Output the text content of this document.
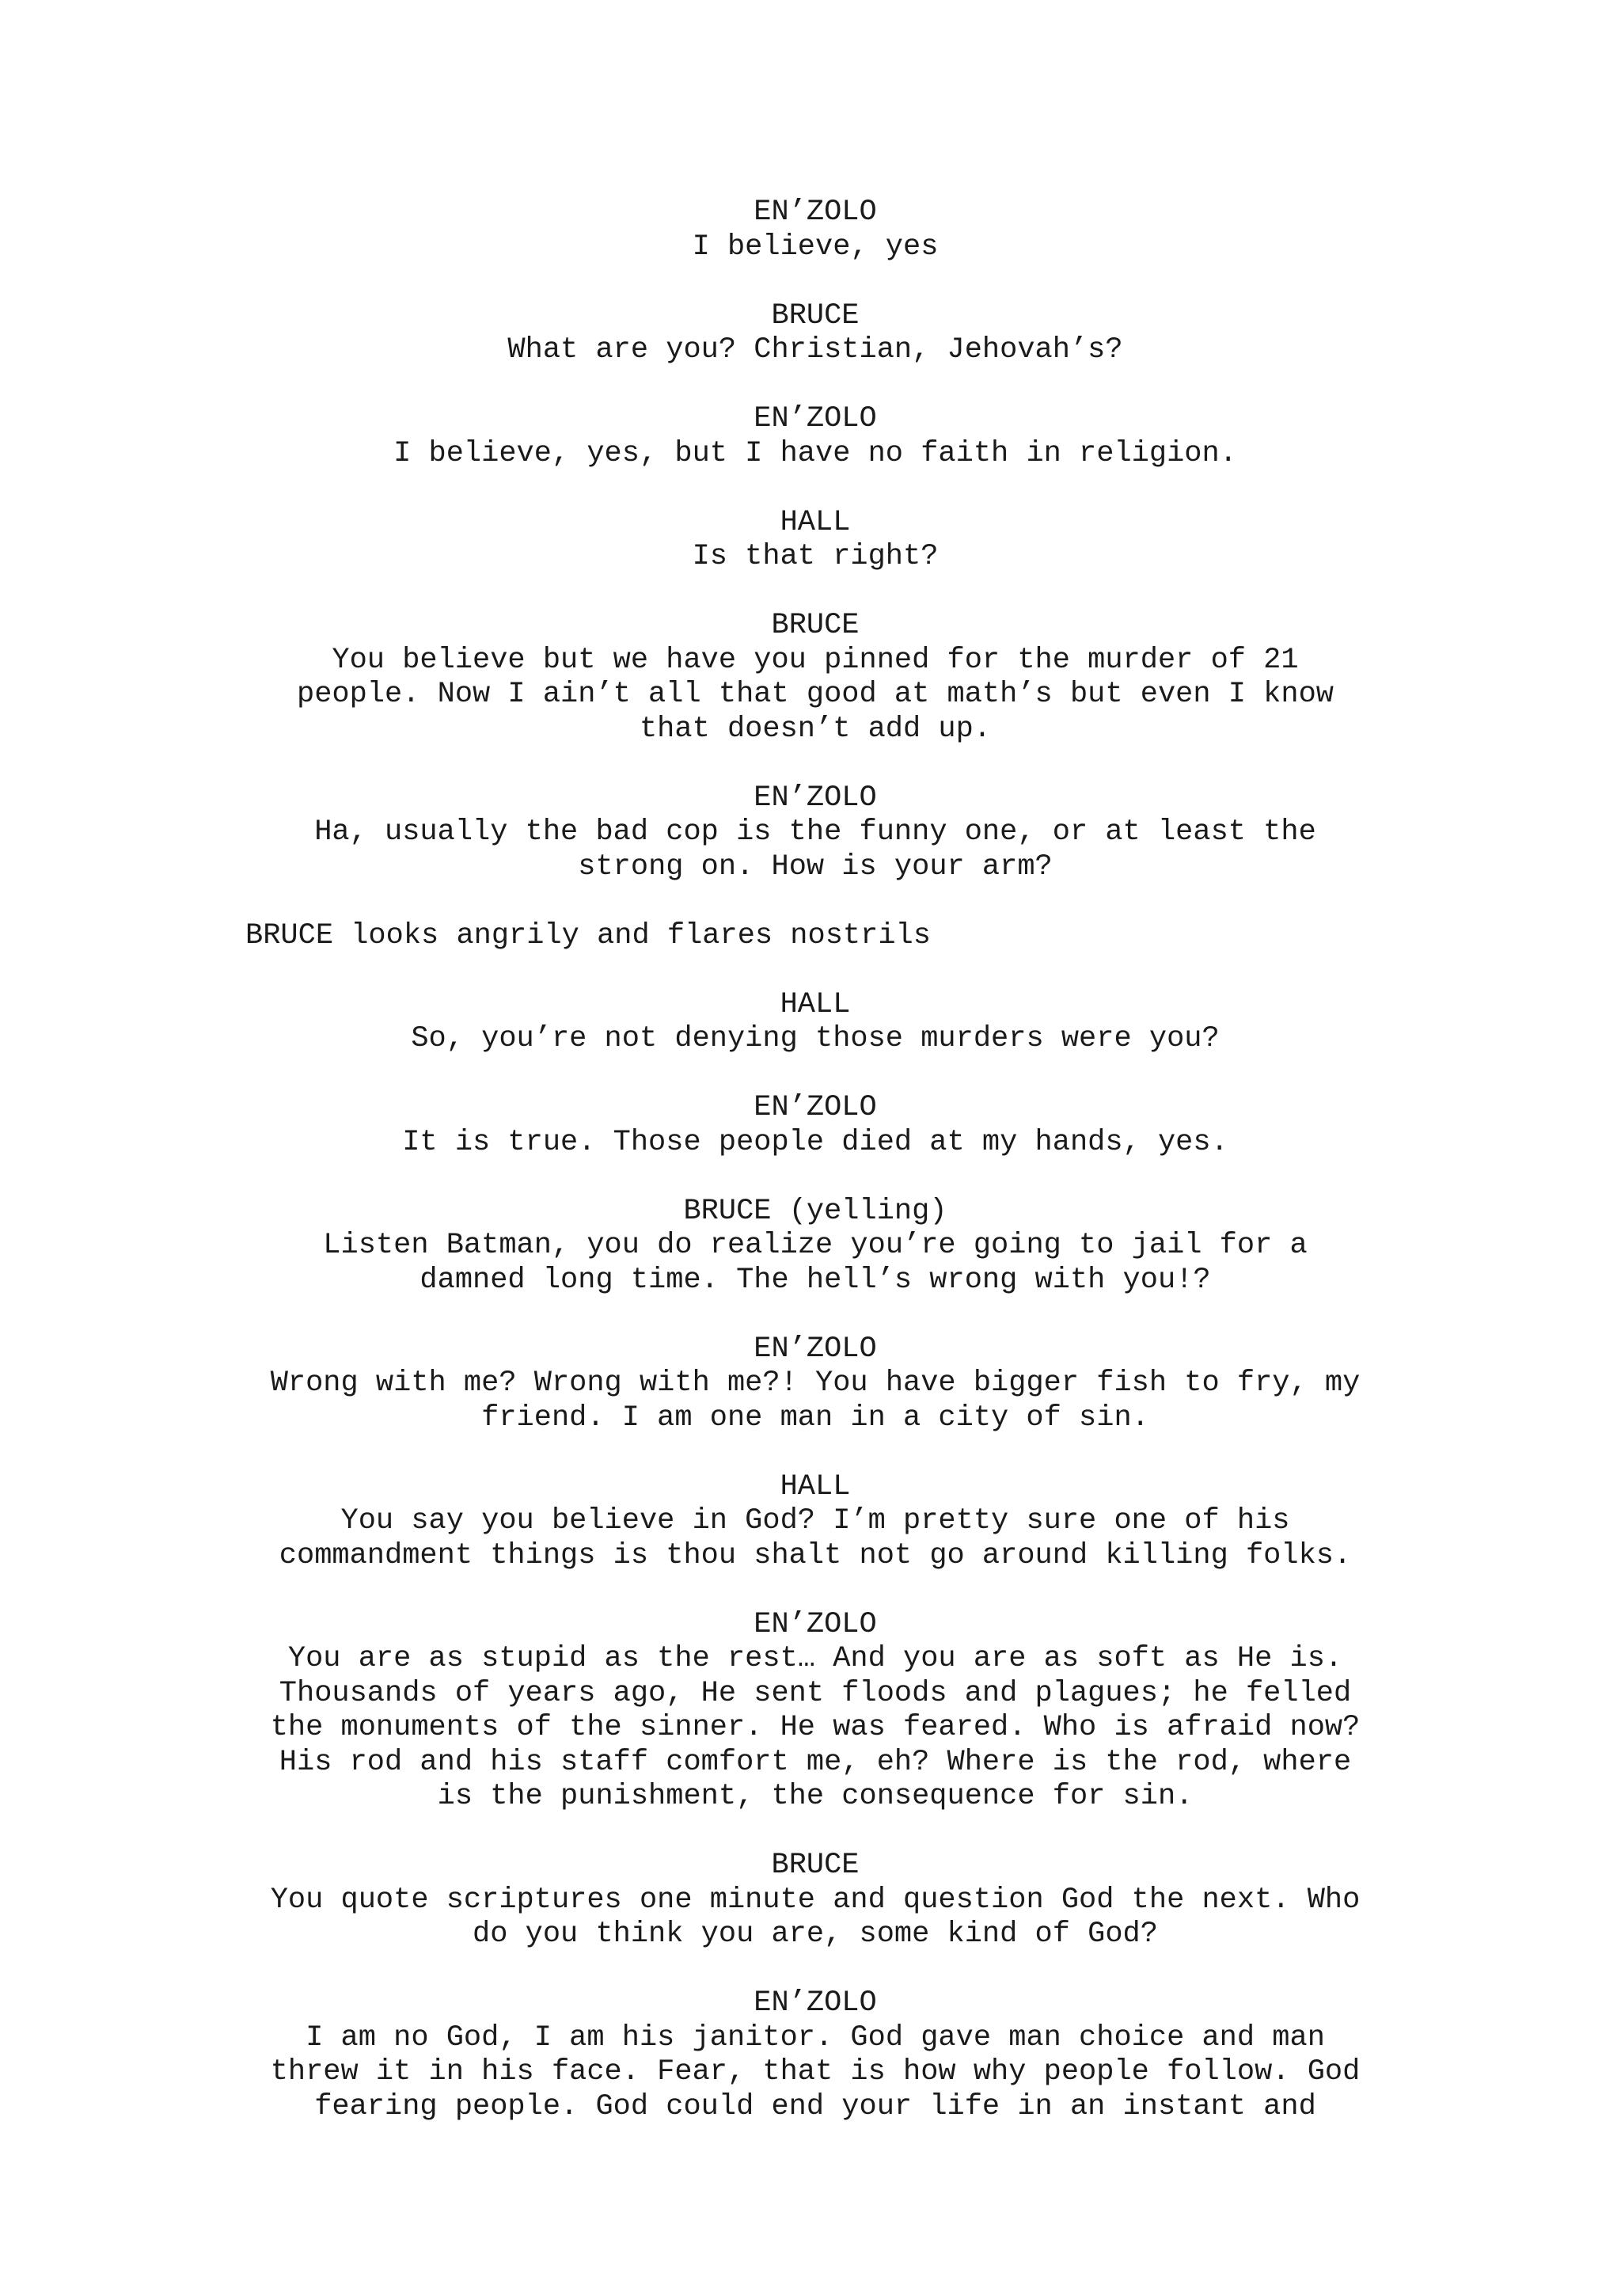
EN’ZOLO
I believe, yes
BRUCE
What are you? Christian, Jehovah’s?
EN’ZOLO
I believe, yes, but I have no faith in religion.
HALL
Is that right?
BRUCE
You believe but we have you pinned for the murder of 21
people. Now I ain’t all that good at math’s but even I know
that doesn’t add up.
EN’ZOLO
Ha, usually the bad cop is the funny one, or at least the
strong on. How is your arm?
BRUCE looks angrily and flares nostrils
HALL
So, you’re not denying those murders were you?
EN’ZOLO
It is true. Those people died at my hands, yes.
BRUCE (yelling)
Listen Batman, you do realize you’re going to jail for a
damned long time. The hell’s wrong with you!?
EN’ZOLO
Wrong with me? Wrong with me?! You have bigger fish to fry, my
friend. I am one man in a city of sin.
HALL
You say you believe in God? I’m pretty sure one of his
commandment things is thou shalt not go around killing folks.
EN’ZOLO
You are as stupid as the rest… And you are as soft as He is.
Thousands of years ago, He sent floods and plagues; he felled
the monuments of the sinner. He was feared. Who is afraid now?
His rod and his staff comfort me, eh? Where is the rod, where
is the punishment, the consequence for sin.
BRUCE
You quote scriptures one minute and question God the next. Who
do you think you are, some kind of God?
EN’ZOLO
I am no God, I am his janitor. God gave man choice and man
threw it in his face. Fear, that is how why people follow. God
fearing people. God could end your life in an instant and
